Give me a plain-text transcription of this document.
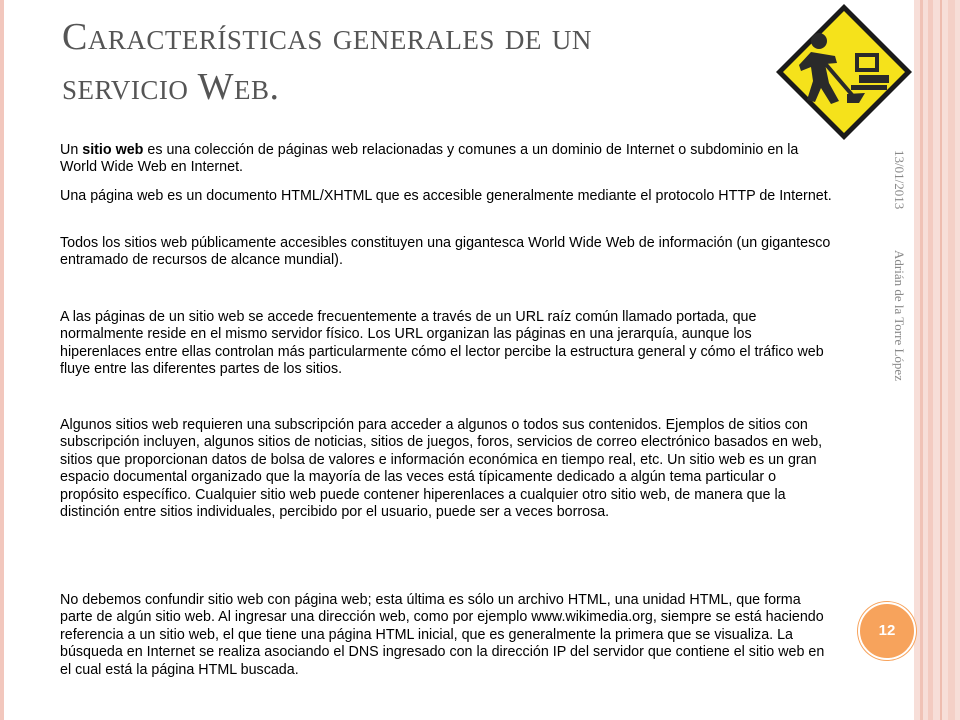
Características generales de un
servicio Web.
13/01/2013
Adrián de la Torre López

Un sitio web es una colección de páginas web relacionadas y comunes a un dominio de Internet o subdominio en la World Wide Web en Internet.

Una página web es un documento HTML/XHTML que es accesible generalmente mediante el protocolo HTTP de Internet.

Todos los sitios web públicamente accesibles constituyen una gigantesca World Wide Web de información (un gigantesco entramado de recursos de alcance mundial).

A las páginas de un sitio web se accede frecuentemente a través de un URL raíz común llamado portada, que normalmente reside en el mismo servidor físico. Los URL organizan las páginas en una jerarquía, aunque los hiperenlaces entre ellas controlan más particularmente cómo el lector percibe la estructura general y cómo el tráfico web fluye entre las diferentes partes de los sitios.

Algunos sitios web requieren una subscripción para acceder a algunos o todos sus contenidos. Ejemplos de sitios con subscripción incluyen, algunos sitios de noticias, sitios de juegos, foros, servicios de correo electrónico basados en web, sitios que proporcionan datos de bolsa de valores e información económica en tiempo real, etc. Un sitio web es un gran espacio documental organizado que la mayoría de las veces está típicamente dedicado a algún tema particular o propósito específico. Cualquier sitio web puede contener hiperenlaces a cualquier otro sitio web, de manera que la distinción entre sitios individuales, percibido por el usuario, puede ser a veces borrosa.

No debemos confundir sitio web con página web; esta última es sólo un archivo HTML, una unidad HTML, que forma parte de algún sitio web. Al ingresar una dirección web, como por ejemplo www.wikimedia.org, siempre se está haciendo referencia a un sitio web, el que tiene una página HTML inicial, que es generalmente la primera que se visualiza. La búsqueda en Internet se realiza asociando el DNS ingresado con la dirección IP del servidor que contiene el sitio web en el cual está la página HTML buscada.

12
